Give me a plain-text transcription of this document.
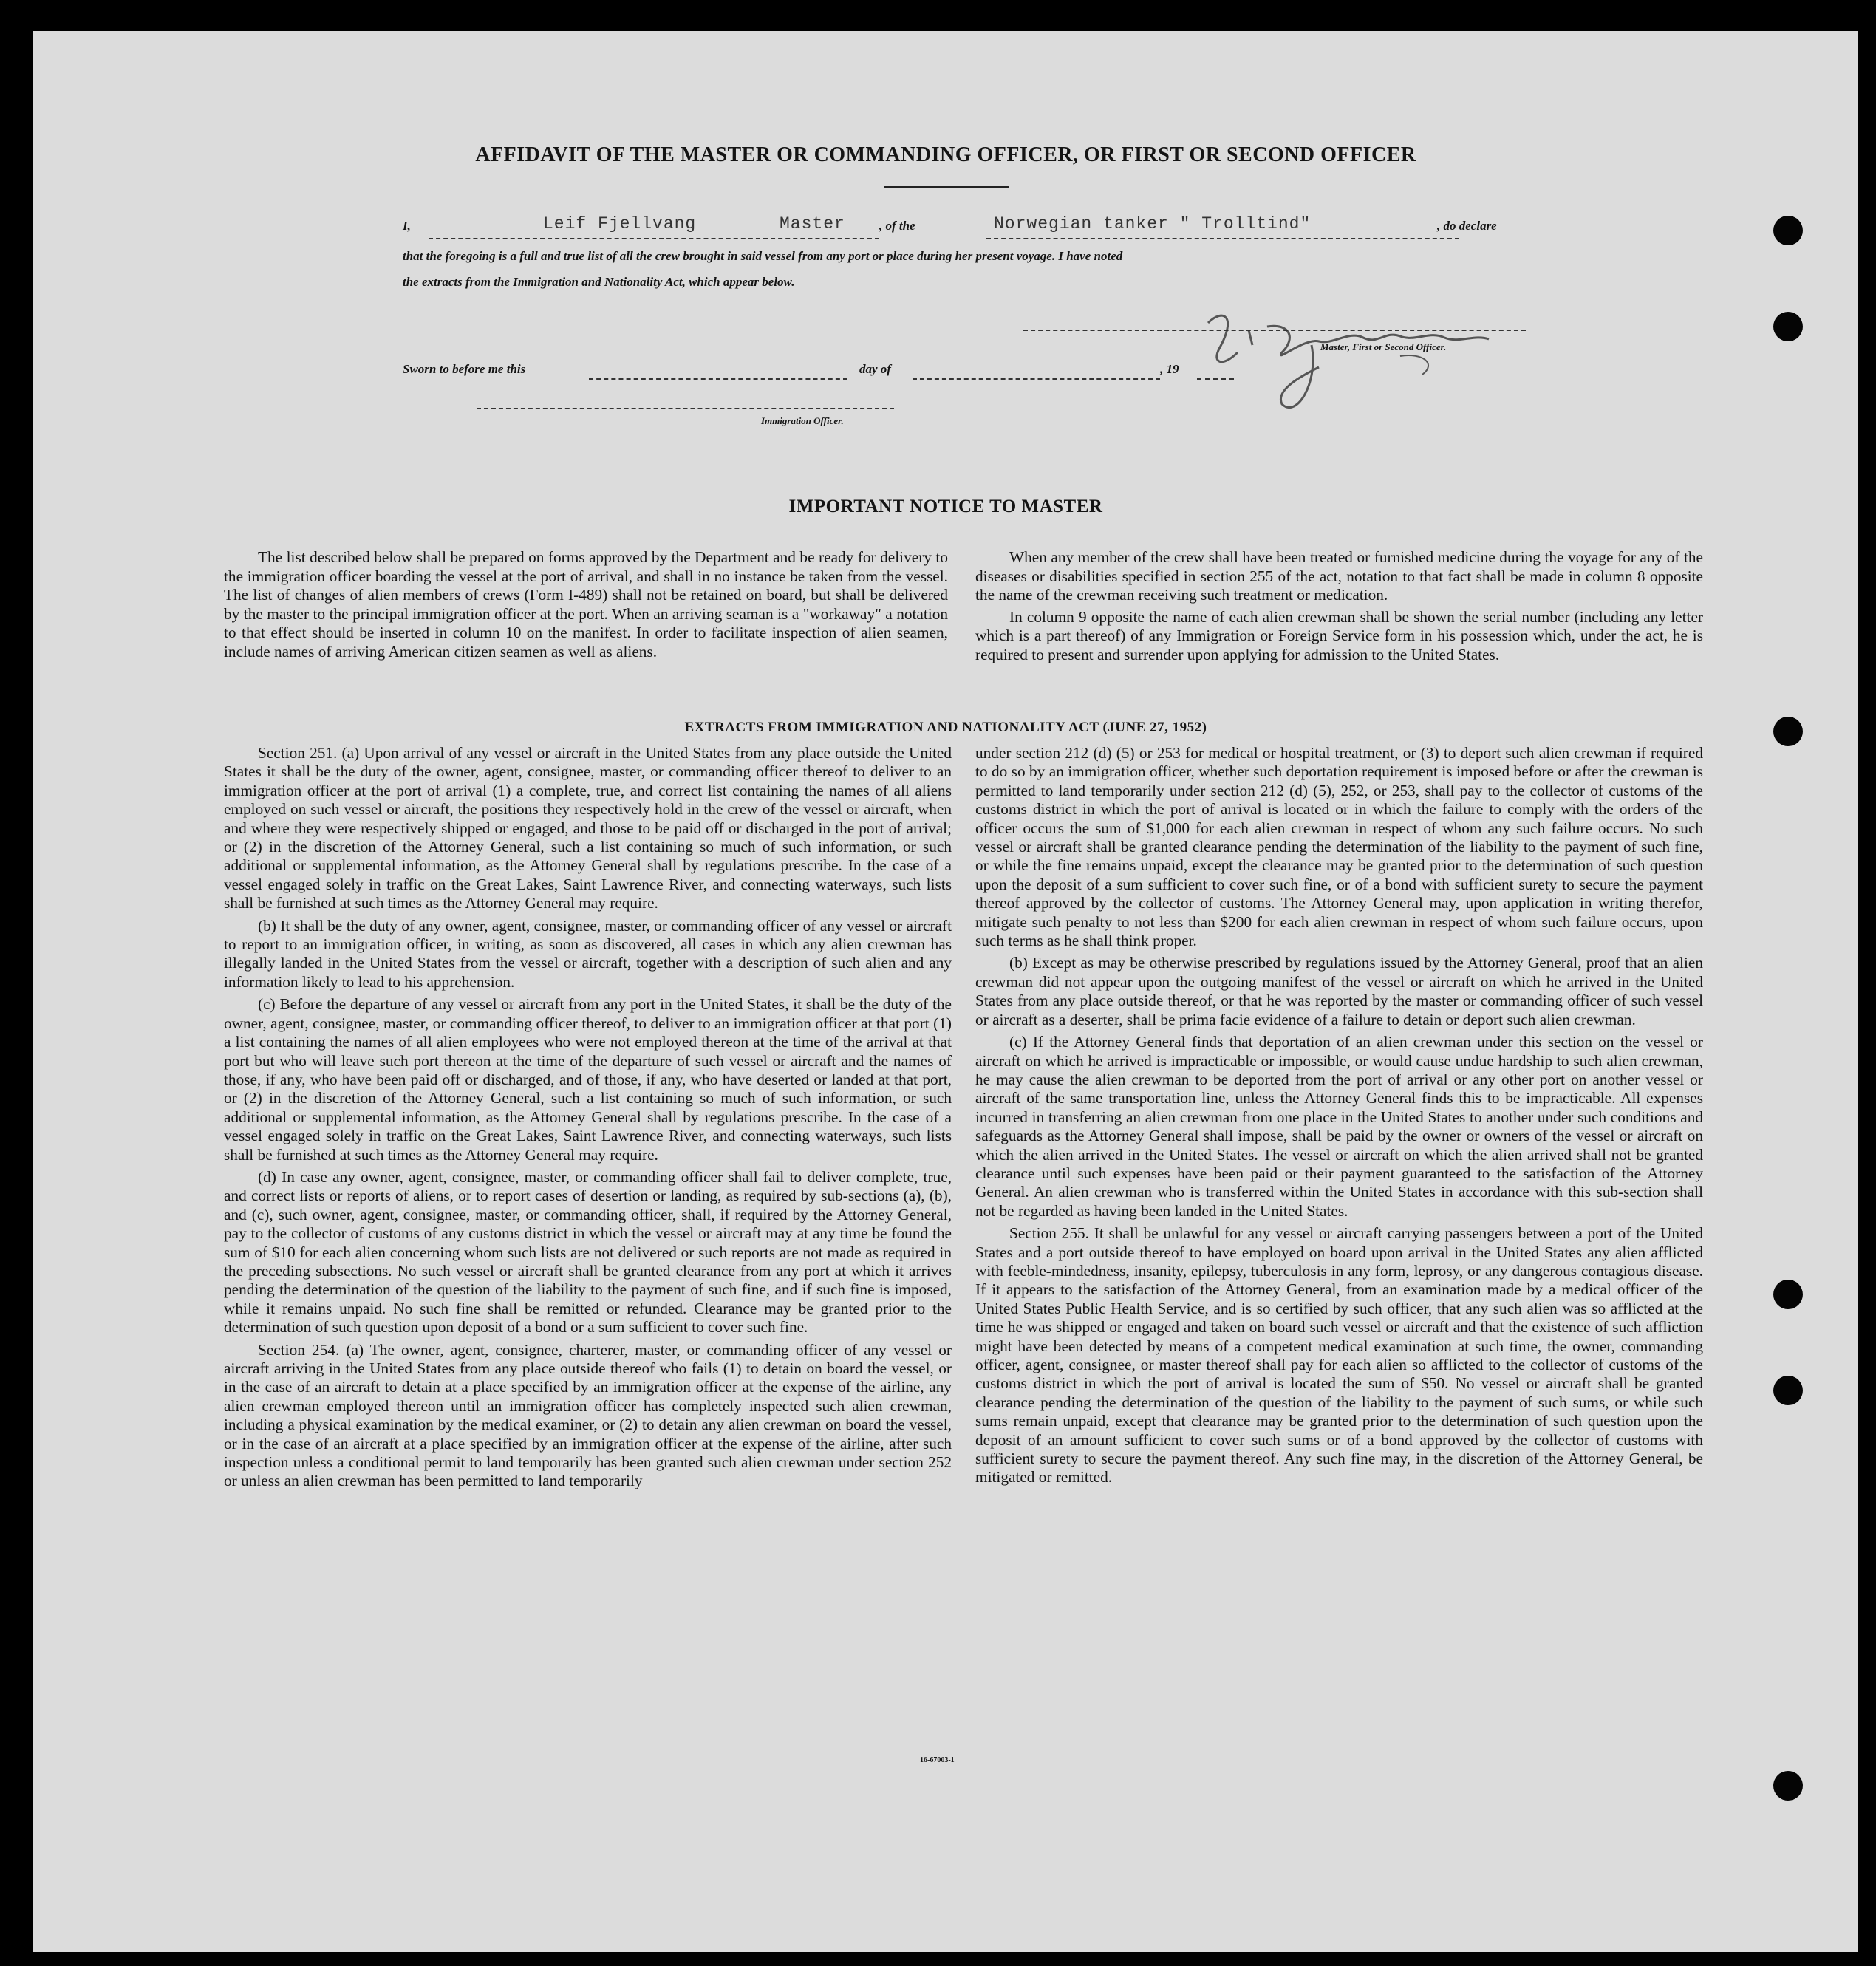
AFFIDAVIT OF THE MASTER OR COMMANDING OFFICER, OR FIRST OR SECOND OFFICER
I,	Leif Fjellvang	Master	, of the	Norwegian tanker " Trolltind"	, do declare
that the foregoing is a full and true list of all the crew brought in said vessel from any port or place during her present voyage. I have noted
the extracts from the Immigration and Nationality Act, which appear below.
Master, First or Second Officer.
Sworn to before me this	day of	, 19
Immigration Officer.
IMPORTANT NOTICE TO MASTER

The list described below shall be prepared on forms approved by the Department and be ready for delivery to the immigration officer boarding the vessel at the port of arrival, and shall in no instance be taken from the vessel. The list of changes of alien members of crews (Form I-489) shall not be retained on board, but shall be delivered by the master to the principal immigration officer at the port. When an arriving seaman is a "workaway" a notation to that effect should be inserted in column 10 on the manifest. In order to facilitate inspection of alien seamen, include names of arriving American citizen seamen as well as aliens.

When any member of the crew shall have been treated or furnished medicine during the voyage for any of the diseases or disabilities specified in section 255 of the act, notation to that fact shall be made in column 8 opposite the name of the crewman receiving such treatment or medication.

In column 9 opposite the name of each alien crewman shall be shown the serial number (including any letter which is a part thereof) of any Immigration or Foreign Service form in his possession which, under the act, he is required to present and surrender upon applying for admission to the United States.

EXTRACTS FROM IMMIGRATION AND NATIONALITY ACT (JUNE 27, 1952)

Section 251. (a) Upon arrival of any vessel or aircraft in the United States from any place outside the United States it shall be the duty of the owner, agent, consignee, master, or commanding officer thereof to deliver to an immigration officer at the port of arrival (1) a complete, true, and correct list containing the names of all aliens employed on such vessel or aircraft, the positions they respectively hold in the crew of the vessel or aircraft, when and where they were respectively shipped or engaged, and those to be paid off or discharged in the port of arrival; or (2) in the discretion of the Attorney General, such a list containing so much of such information, or such additional or supplemental information, as the Attorney General shall by regulations prescribe. In the case of a vessel engaged solely in traffic on the Great Lakes, Saint Lawrence River, and connecting waterways, such lists shall be furnished at such times as the Attorney General may require.

(b) It shall be the duty of any owner, agent, consignee, master, or commanding officer of any vessel or aircraft to report to an immigration officer, in writing, as soon as discovered, all cases in which any alien crewman has illegally landed in the United States from the vessel or aircraft, together with a description of such alien and any information likely to lead to his apprehension.

(c) Before the departure of any vessel or aircraft from any port in the United States, it shall be the duty of the owner, agent, consignee, master, or commanding officer thereof, to deliver to an immigration officer at that port (1) a list containing the names of all alien employees who were not employed thereon at the time of the arrival at that port but who will leave such port thereon at the time of the departure of such vessel or aircraft and the names of those, if any, who have been paid off or discharged, and of those, if any, who have deserted or landed at that port, or (2) in the discretion of the Attorney General, such a list containing so much of such information, or such additional or supplemental information, as the Attorney General shall by regulations prescribe. In the case of a vessel engaged solely in traffic on the Great Lakes, Saint Lawrence River, and connecting waterways, such lists shall be furnished at such times as the Attorney General may require.

(d) In case any owner, agent, consignee, master, or commanding officer shall fail to deliver complete, true, and correct lists or reports of aliens, or to report cases of desertion or landing, as required by sub-sections (a), (b), and (c), such owner, agent, consignee, master, or commanding officer, shall, if required by the Attorney General, pay to the collector of customs of any customs district in which the vessel or aircraft may at any time be found the sum of $10 for each alien concerning whom such lists are not delivered or such reports are not made as required in the preceding subsections. No such vessel or aircraft shall be granted clearance from any port at which it arrives pending the determination of the question of the liability to the payment of such fine, and if such fine is imposed, while it remains unpaid. No such fine shall be remitted or refunded. Clearance may be granted prior to the determination of such question upon deposit of a bond or a sum sufficient to cover such fine.

Section 254. (a) The owner, agent, consignee, charterer, master, or commanding officer of any vessel or aircraft arriving in the United States from any place outside thereof who fails (1) to detain on board the vessel, or in the case of an aircraft to detain at a place specified by an immigration officer at the expense of the airline, any alien crewman employed thereon until an immigration officer has completely inspected such alien crewman, including a physical examination by the medical examiner, or (2) to detain any alien crewman on board the vessel, or in the case of an aircraft at a place specified by an immigration officer at the expense of the airline, after such inspection unless a conditional permit to land temporarily has been granted such alien crewman under section 252 or unless an alien crewman has been permitted to land temporarily

under section 212 (d) (5) or 253 for medical or hospital treatment, or (3) to deport such alien crewman if required to do so by an immigration officer, whether such deportation requirement is imposed before or after the crewman is permitted to land temporarily under section 212 (d) (5), 252, or 253, shall pay to the collector of customs of the customs district in which the port of arrival is located or in which the failure to comply with the orders of the officer occurs the sum of $1,000 for each alien crewman in respect of whom any such failure occurs. No such vessel or aircraft shall be granted clearance pending the determination of the liability to the payment of such fine, or while the fine remains unpaid, except the clearance may be granted prior to the determination of such question upon the deposit of a sum sufficient to cover such fine, or of a bond with sufficient surety to secure the payment thereof approved by the collector of customs. The Attorney General may, upon application in writing therefor, mitigate such penalty to not less than $200 for each alien crewman in respect of whom such failure occurs, upon such terms as he shall think proper.

(b) Except as may be otherwise prescribed by regulations issued by the Attorney General, proof that an alien crewman did not appear upon the outgoing manifest of the vessel or aircraft on which he arrived in the United States from any place outside thereof, or that he was reported by the master or commanding officer of such vessel or aircraft as a deserter, shall be prima facie evidence of a failure to detain or deport such alien crewman.

(c) If the Attorney General finds that deportation of an alien crewman under this section on the vessel or aircraft on which he arrived is impracticable or impossible, or would cause undue hardship to such alien crewman, he may cause the alien crewman to be deported from the port of arrival or any other port on another vessel or aircraft of the same transportation line, unless the Attorney General finds this to be impracticable. All expenses incurred in transferring an alien crewman from one place in the United States to another under such conditions and safeguards as the Attorney General shall impose, shall be paid by the owner or owners of the vessel or aircraft on which the alien arrived in the United States. The vessel or aircraft on which the alien arrived shall not be granted clearance until such expenses have been paid or their payment guaranteed to the satisfaction of the Attorney General. An alien crewman who is transferred within the United States in accordance with this sub-section shall not be regarded as having been landed in the United States.

Section 255. It shall be unlawful for any vessel or aircraft carrying passengers between a port of the United States and a port outside thereof to have employed on board upon arrival in the United States any alien afflicted with feeble-mindedness, insanity, epilepsy, tuberculosis in any form, leprosy, or any dangerous contagious disease. If it appears to the satisfaction of the Attorney General, from an examination made by a medical officer of the United States Public Health Service, and is so certified by such officer, that any such alien was so afflicted at the time he was shipped or engaged and taken on board such vessel or aircraft and that the existence of such affliction might have been detected by means of a competent medical examination at such time, the owner, commanding officer, agent, consignee, or master thereof shall pay for each alien so afflicted to the collector of customs of the customs district in which the port of arrival is located the sum of $50. No vessel or aircraft shall be granted clearance pending the determination of the question of the liability to the payment of such sums, or while such sums remain unpaid, except that clearance may be granted prior to the determination of such question upon the deposit of an amount sufficient to cover such sums or of a bond approved by the collector of customs with sufficient surety to secure the payment thereof. Any such fine may, in the discretion of the Attorney General, be mitigated or remitted.

16-67003-1
